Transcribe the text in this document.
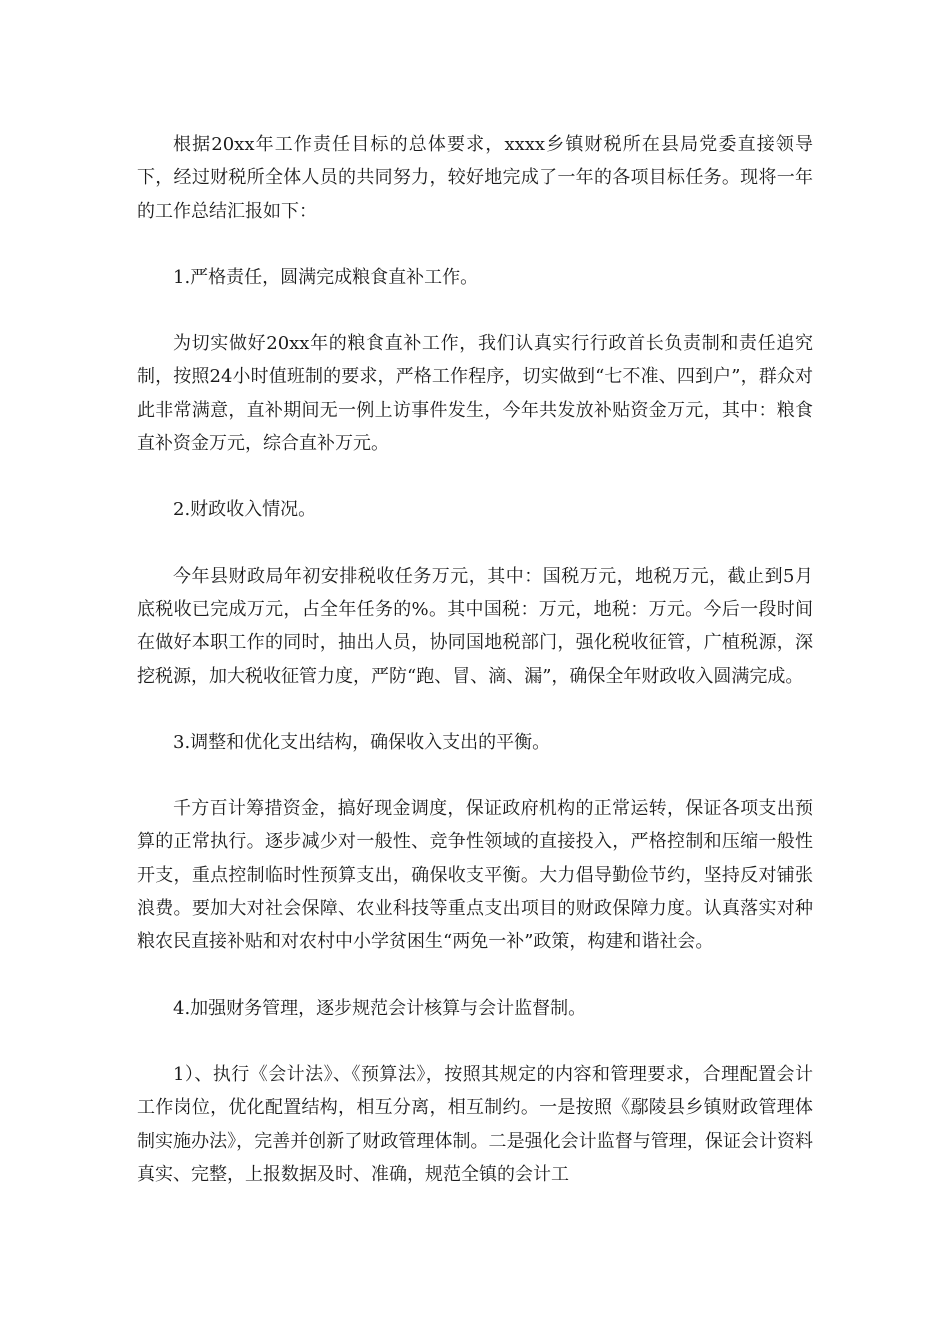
根据20xx年工作责任目标的总体要求，xxxx乡镇财税所在县局党委直接领导下，经过财税所全体人员的共同努力，较好地完成了一年的各项目标任务。现将一年的工作总结汇报如下：

1.严格责任，圆满完成粮食直补工作。

为切实做好20xx年的粮食直补工作，我们认真实行行政首长负责制和责任追究制，按照24小时值班制的要求，严格工作程序，切实做到“七不准、四到户”，群众对此非常满意，直补期间无一例上访事件发生，今年共发放补贴资金万元，其中：粮食直补资金万元，综合直补万元。

2.财政收入情况。

今年县财政局年初安排税收任务万元，其中：国税万元，地税万元，截止到5月底税收已完成万元，占全年任务的%。其中国税：万元，地税：万元。今后一段时间在做好本职工作的同时，抽出人员，协同国地税部门，强化税收征管，广植税源，深挖税源，加大税收征管力度，严防“跑、冒、滴、漏”，确保全年财政收入圆满完成。

3.调整和优化支出结构，确保收入支出的平衡。

千方百计筹措资金，搞好现金调度，保证政府机构的正常运转，保证各项支出预算的正常执行。逐步减少对一般性、竞争性领域的直接投入，严格控制和压缩一般性开支，重点控制临时性预算支出，确保收支平衡。大力倡导勤俭节约，坚持反对铺张浪费。要加大对社会保障、农业科技等重点支出项目的财政保障力度。认真落实对种粮农民直接补贴和对农村中小学贫困生“两免一补”政策，构建和谐社会。

4.加强财务管理，逐步规范会计核算与会计监督制。

1）、执行《会计法》、《预算法》，按照其规定的内容和管理要求，合理配置会计工作岗位，优化配置结构，相互分离，相互制约。一是按照《鄢陵县乡镇财政管理体制实施办法》，完善并创新了财政管理体制。二是强化会计监督与管理，保证会计资料真实、完整，上报数据及时、准确，规范全镇的会计工
